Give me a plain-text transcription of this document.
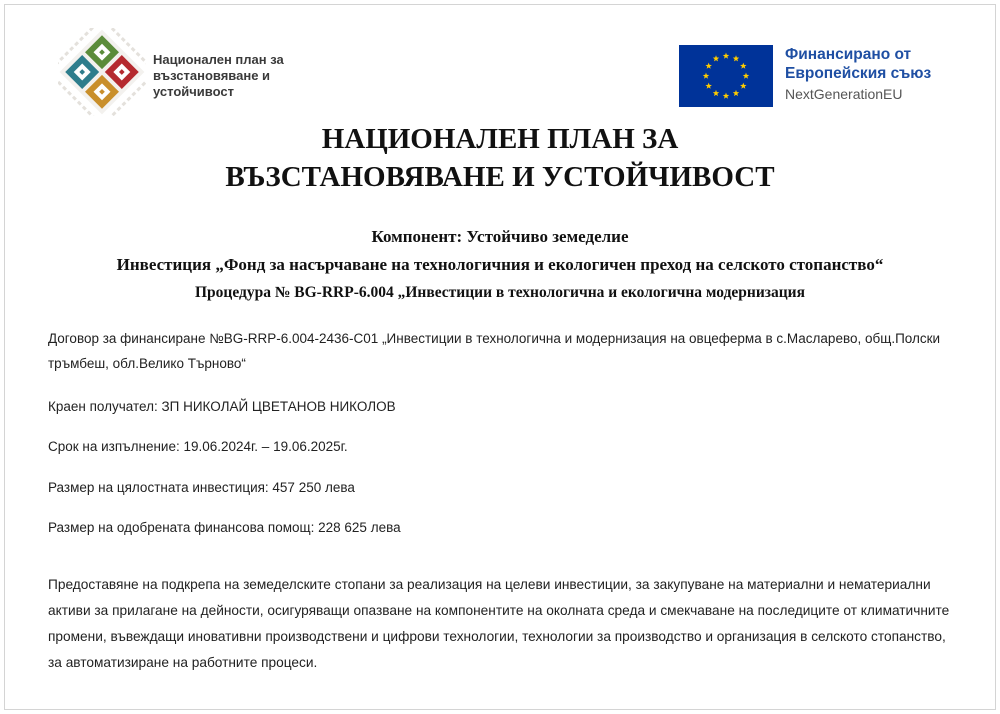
Национален план за
възстановяване и
устойчивост
Финансирано от
Европейския съюз
NextGenerationEU
НАЦИОНАЛЕН ПЛАН ЗА
ВЪЗСТАНОВЯВАНЕ И УСТОЙЧИВОСТ

Компонент: Устойчиво земеделие

Инвестиция „Фонд за насърчаване на технологичния и екологичен преход на селското стопанство“

Процедура № BG-RRP-6.004 „Инвестиции в технологична и екологична модернизация

Договор за финансиране №BG-RRP-6.004-2436-C01 „Инвестиции в технологична и модернизация на овцеферма в с.Масларево, общ.Полски тръмбеш, обл.Велико Търново“

Краен получател: ЗП НИКОЛАЙ ЦВЕТАНОВ НИКОЛОВ

Срок на изпълнение: 19.06.2024г. – 19.06.2025г.

Размер на цялостната инвестиция: 457 250 лева

Размер на одобрената финансова помощ: 228 625 лева

Предоставяне на подкрепа на земеделските стопани за реализация на целеви инвестиции, за закупуване на материални и нематериални активи за прилагане на дейности, осигуряващи опазване на компонентите на околната среда и смекчаване на последиците от климатичните промени, въвеждащи иновативни производствени и цифрови технологии, технологии за производство и организация в селското стопанство, за автоматизиране на работните процеси.
